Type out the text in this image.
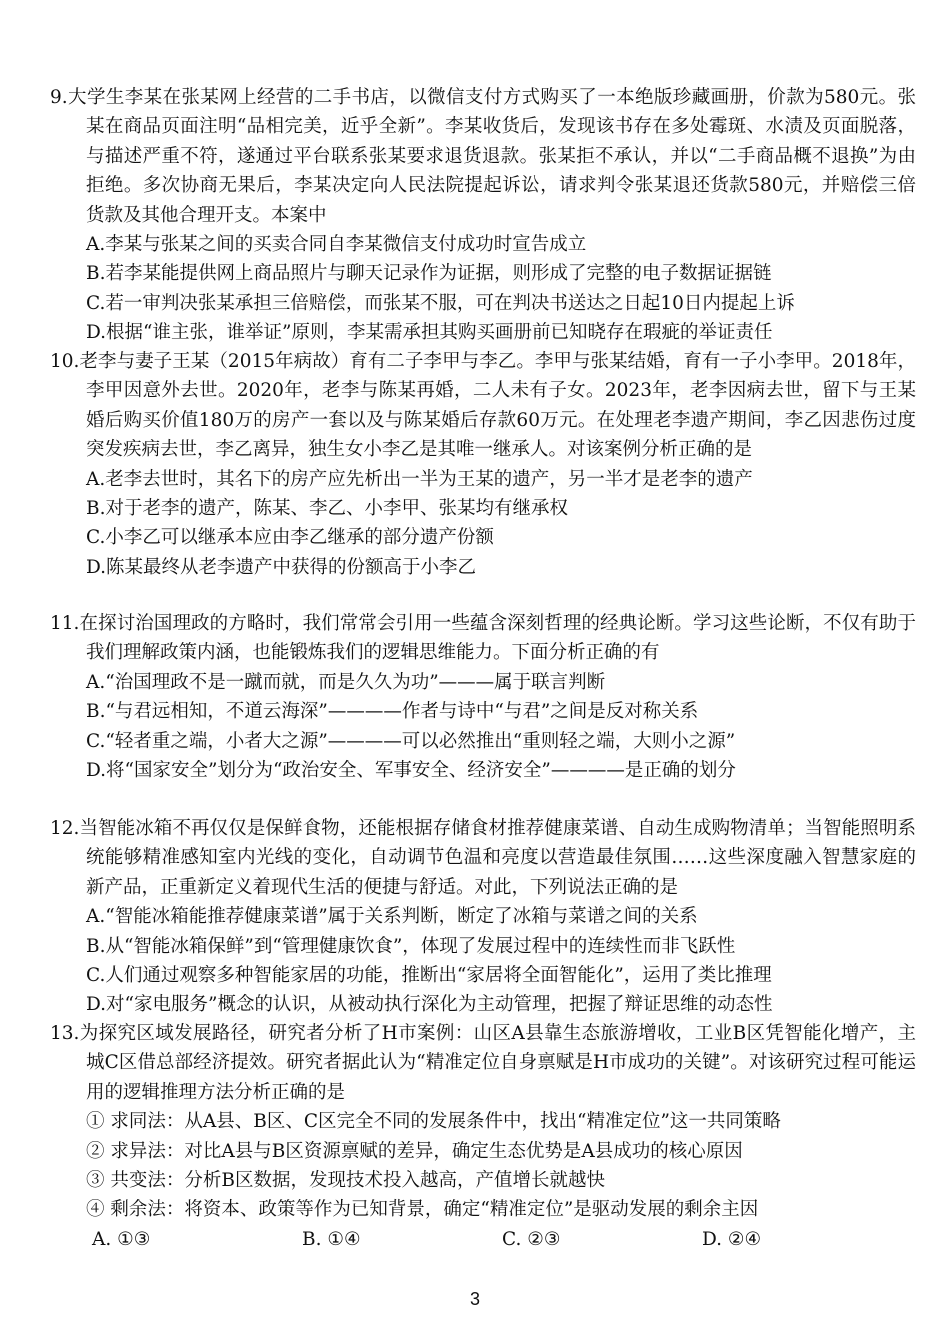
9.大学生李某在张某网上经营的二手书店，以微信支付方式购买了一本绝版珍藏画册，价款为580元。张某在商品页面注明“品相完美，近乎全新”。李某收货后，发现该书存在多处霉斑、水渍及页面脱落，与描述严重不符，遂通过平台联系张某要求退货退款。张某拒不承认，并以“二手商品概不退换”为由拒绝。多次协商无果后，李某决定向人民法院提起诉讼，请求判令张某退还货款580元，并赔偿三倍货款及其他合理开支。本案中

A.李某与张某之间的买卖合同自李某微信支付成功时宣告成立

B.若李某能提供网上商品照片与聊天记录作为证据，则形成了完整的电子数据证据链

C.若一审判决张某承担三倍赔偿，而张某不服，可在判决书送达之日起10日内提起上诉

D.根据“谁主张，谁举证”原则，李某需承担其购买画册前已知晓存在瑕疵的举证责任

10.老李与妻子王某（2015年病故）育有二子李甲与李乙。李甲与张某结婚，育有一子小李甲。2018年，李甲因意外去世。2020年，老李与陈某再婚，二人未有子女。2023年，老李因病去世，留下与王某婚后购买价值180万的房产一套以及与陈某婚后存款60万元。在处理老李遗产期间，李乙因悲伤过度突发疾病去世，李乙离异，独生女小李乙是其唯一继承人。对该案例分析正确的是

A.老李去世时，其名下的房产应先析出一半为王某的遗产，另一半才是老李的遗产

B.对于老李的遗产，陈某、李乙、小李甲、张某均有继承权

C.小李乙可以继承本应由李乙继承的部分遗产份额

D.陈某最终从老李遗产中获得的份额高于小李乙

11.在探讨治国理政的方略时，我们常常会引用一些蕴含深刻哲理的经典论断。学习这些论断，不仅有助于我们理解政策内涵，也能锻炼我们的逻辑思维能力。下面分析正确的有

A.“治国理政不是一蹴而就，而是久久为功”———属于联言判断

B.“与君远相知，不道云海深”————作者与诗中“与君”之间是反对称关系

C.“轻者重之端，小者大之源”————可以必然推出“重则轻之端，大则小之源”

D.将“国家安全”划分为“政治安全、军事安全、经济安全”————是正确的划分

12.当智能冰箱不再仅仅是保鲜食物，还能根据存储食材推荐健康菜谱、自动生成购物清单；当智能照明系统能够精准感知室内光线的变化，自动调节色温和亮度以营造最佳氛围……这些深度融入智慧家庭的新产品，正重新定义着现代生活的便捷与舒适。对此，下列说法正确的是

A.“智能冰箱能推荐健康菜谱”属于关系判断，断定了冰箱与菜谱之间的关系

B.从“智能冰箱保鲜”到“管理健康饮食”，体现了发展过程中的连续性而非飞跃性

C.人们通过观察多种智能家居的功能，推断出“家居将全面智能化”，运用了类比推理

D.对“家电服务”概念的认识，从被动执行深化为主动管理，把握了辩证思维的动态性

13.为探究区域发展路径，研究者分析了H市案例：山区A县靠生态旅游增收，工业B区凭智能化增产，主城C区借总部经济提效。研究者据此认为“精准定位自身禀赋是H市成功的关键”。对该研究过程可能运用的逻辑推理方法分析正确的是

① 求同法：从A县、B区、C区完全不同的发展条件中，找出“精准定位”这一共同策略

② 求异法：对比A县与B区资源禀赋的差异，确定生态优势是A县成功的核心原因

③ 共变法：分析B区数据，发现技术投入越高，产值增长就越快

④ 剩余法：将资本、政策等作为已知背景，确定“精准定位”是驱动发展的剩余主因

A. ①③	B. ①④	C. ②③	D. ②④
3
